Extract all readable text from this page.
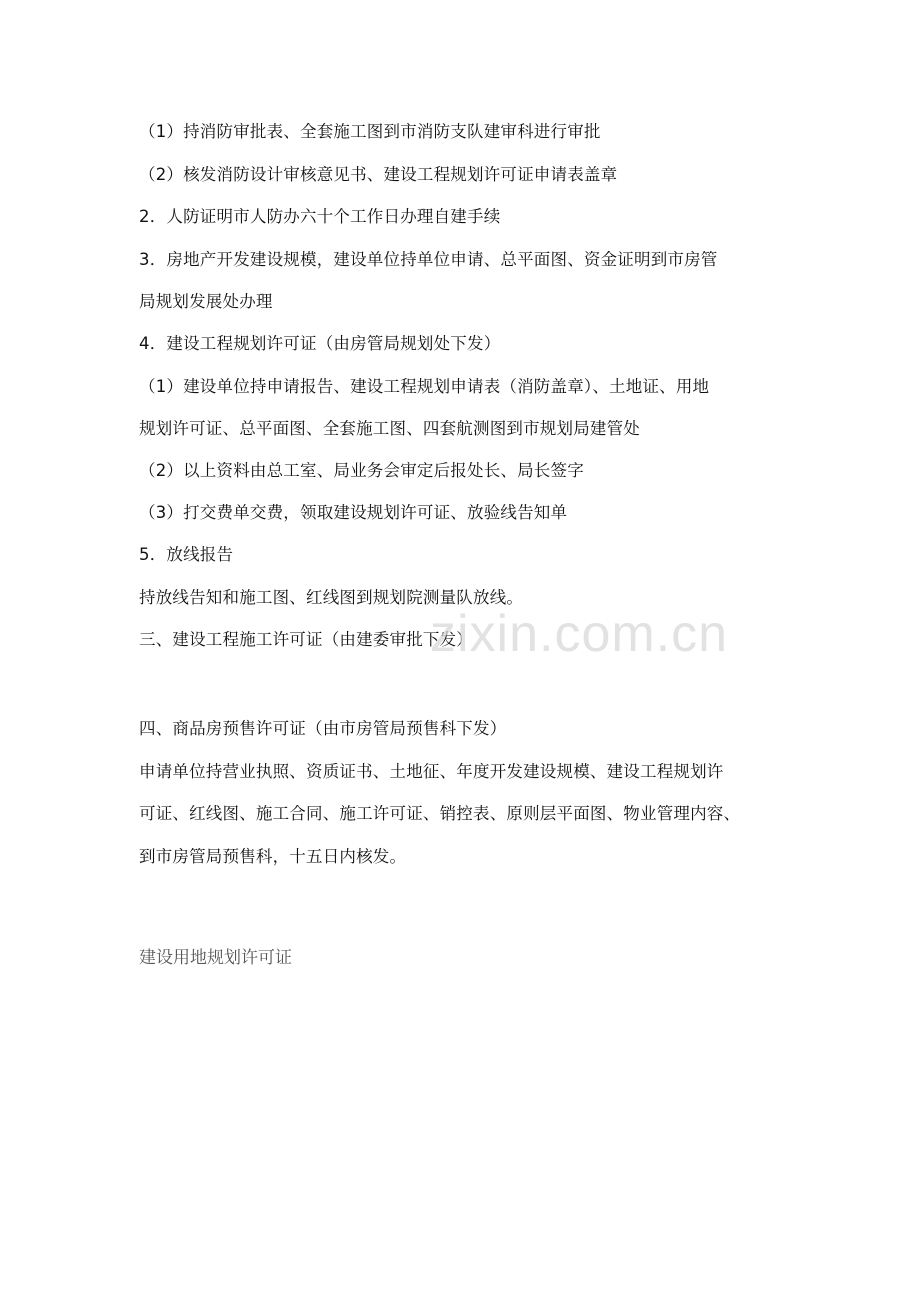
（1）持消防审批表、全套施工图到市消防支队建审科进行审批
（2）核发消防设计审核意见书、建设工程规划许可证申请表盖章
2．人防证明市人防办六十个工作日办理自建手续
3．房地产开发建设规模，建设单位持单位申请、总平面图、资金证明到市房管
局规划发展处办理
4．建设工程规划许可证（由房管局规划处下发）
（1）建设单位持申请报告、建设工程规划申请表（消防盖章）、土地证、用地
规划许可证、总平面图、全套施工图、四套航测图到市规划局建管处
（2）以上资料由总工室、局业务会审定后报处长、局长签字
（3）打交费单交费，领取建设规划许可证、放验线告知单
5．放线报告
持放线告知和施工图、红线图到规划院测量队放线。
三、建设工程施工许可证（由建委审批下发）
四、商品房预售许可证（由市房管局预售科下发）
申请单位持营业执照、资质证书、土地征、年度开发建设规模、建设工程规划许
可证、红线图、施工合同、施工许可证、销控表、原则层平面图、物业管理内容、
到市房管局预售科，十五日内核发。
建设用地规划许可证
zixin.com.cn
